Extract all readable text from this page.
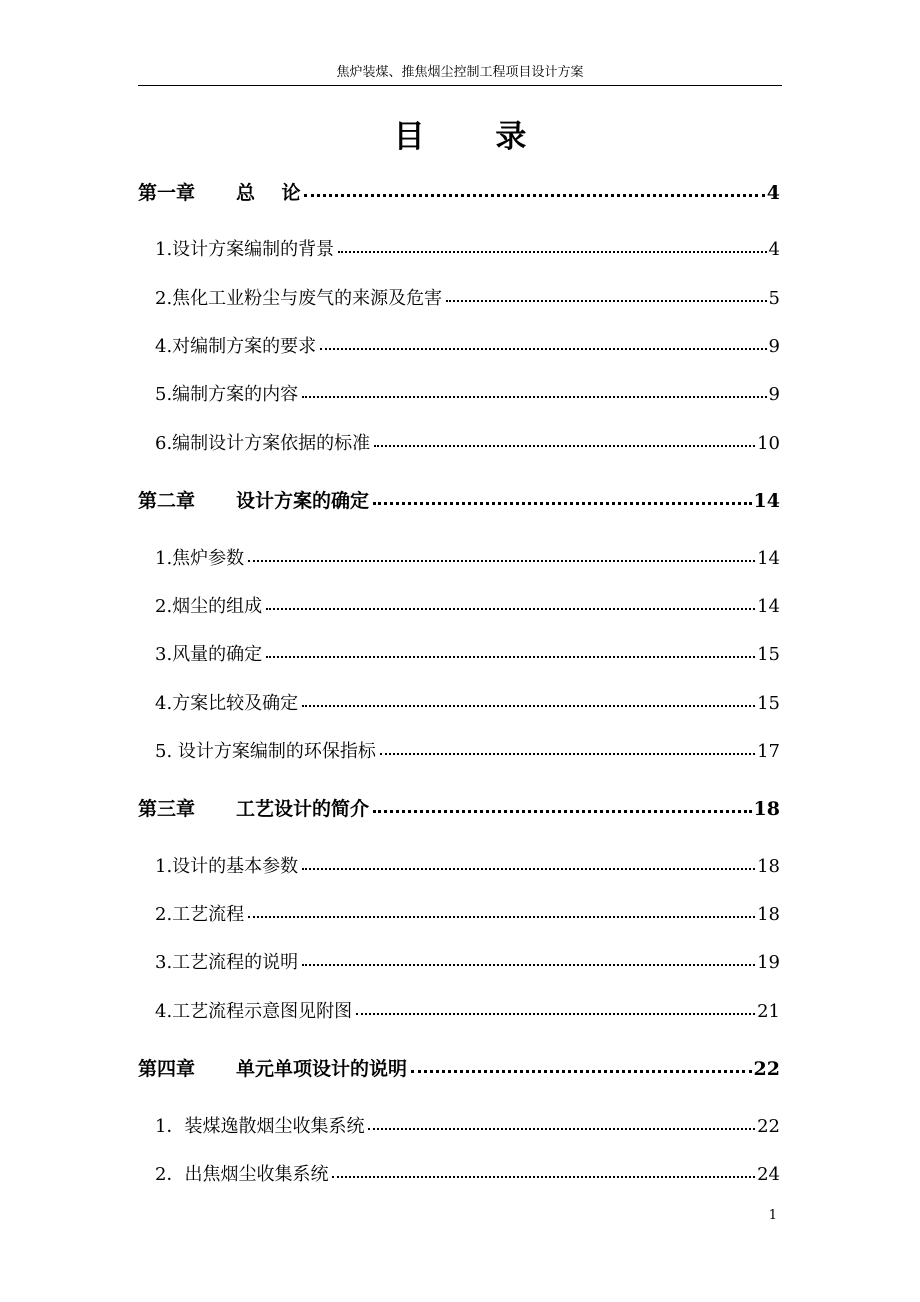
焦炉装煤、推焦烟尘控制工程项目设计方案
目 录
第一章	总    论	4
1.设计方案编制的背景	4
2.焦化工业粉尘与废气的来源及危害	5
4.对编制方案的要求	9
5.编制方案的内容	9
6.编制设计方案依据的标准	10
第二章	设计方案的确定	14
1.焦炉参数	14
2.烟尘的组成	14
3.风量的确定	15
4.方案比较及确定	15
5. 设计方案编制的环保指标	17
第三章	工艺设计的简介	18
1.设计的基本参数	18
2.工艺流程	18
3.工艺流程的说明	19
4.工艺流程示意图见附图	21
第四章	单元单项设计的说明	22
1．装煤逸散烟尘收集系统	22
2．出焦烟尘收集系统	24
1
